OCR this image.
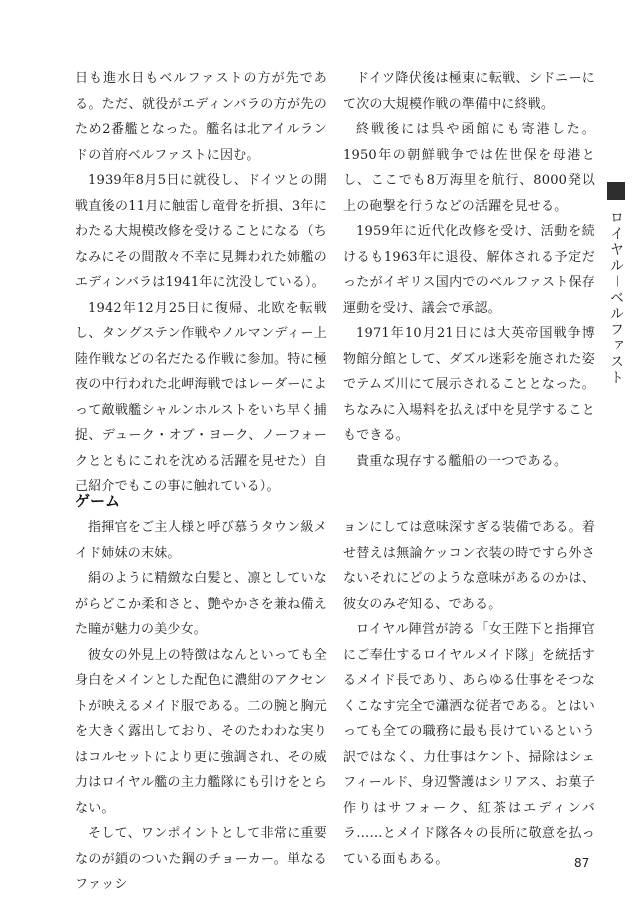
ロイヤル－ベルファスト

日も進水日もベルファストの方が先である。ただ、就役がエディンバラの方が先のため2番艦となった。艦名は北アイルランドの首府ベルファストに因む。

1939年8月5日に就役し、ドイツとの開戦直後の11月に触雷し竜骨を折損、3年にわたる大規模改修を受けることになる（ちなみにその間散々不幸に見舞われた姉艦のエディンバラは1941年に沈没している）。

1942年12月25日に復帰、北欧を転戦し、タングステン作戦やノルマンディー上陸作戦などの名だたる作戦に参加。特に極夜の中行われた北岬海戦ではレーダーによって敵戦艦シャルンホルストをいち早く捕捉、デューク・オブ・ヨーク、ノーフォークとともにこれを沈める活躍を見せた）自己紹介でもこの事に触れている）。

ドイツ降伏後は極東に転戦、シドニーにて次の大規模作戦の準備中に終戦。

終戦後には呉や函館にも寄港した。1950年の朝鮮戦争では佐世保を母港とし、ここでも8万海里を航行、8000発以上の砲撃を行うなどの活躍を見せる。

1959年に近代化改修を受け、活動を続けるも1963年に退役、解体される予定だったがイギリス国内でのベルファスト保存運動を受け、議会で承認。

1971年10月21日には大英帝国戦争博物館分館として、ダズル迷彩を施された姿でテムズ川にて展示されることとなった。ちなみに入場料を払えば中を見学することもできる。

貴重な現存する艦船の一つである。

ゲーム

指揮官をご主人様と呼び慕うタウン級メイド姉妹の末妹。

絹のように精緻な白髪と、凛としていながらどこか柔和さと、艶やかさを兼ね備えた瞳が魅力の美少女。

彼女の外見上の特徴はなんといっても全身白をメインとした配色に濃紺のアクセントが映えるメイド服である。二の腕と胸元を大きく露出しており、そのたわわな実りはコルセットにより更に強調され、その威力はロイヤル艦の主力艦隊にも引けをとらない。

そして、ワンポイントとして非常に重要なのが鎖のついた鋼のチョーカー。単なるファッシ

ョンにしては意味深すぎる装備である。着せ替えは無論ケッコン衣装の時ですら外さないそれにどのような意味があるのかは、彼女のみぞ知る、である。

ロイヤル陣営が誇る「女王陛下と指揮官にご奉仕するロイヤルメイド隊」を統括するメイド長であり、あらゆる仕事をそつなくこなす完全で瀟洒な従者である。とはいっても全ての職務に最も長けているという訳ではなく、力仕事はケント、掃除はシェフィールド、身辺警護はシリアス、お菓子作りはサフォーク、紅茶はエディンバラ……とメイド隊各々の長所に敬意を払っている面もある。	87
